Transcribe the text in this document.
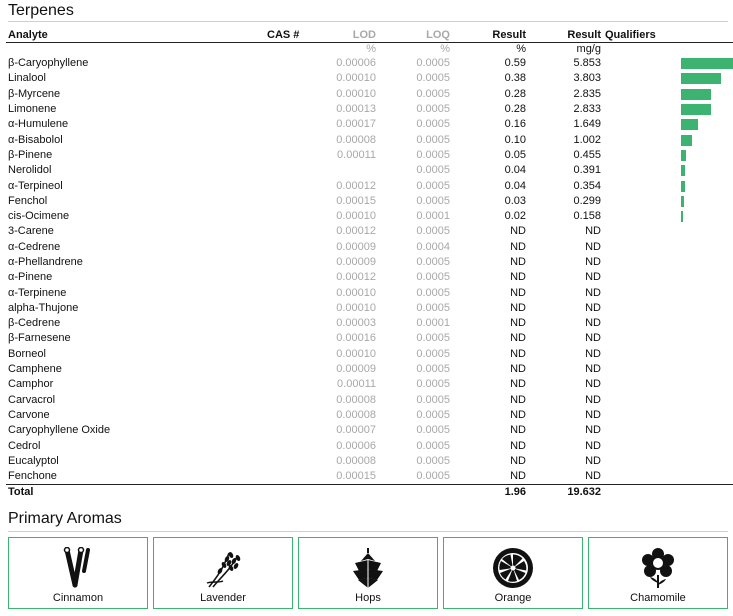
Terpenes
Analyte	CAS #	LOD	LOQ	Result	Result	Qualifiers	
		%	%	%	mg/g		
β-Caryophyllene		0.00006	0.0005	0.59	5.853		

Linalool		0.00010	0.0005	0.38	3.803		

β-Myrcene		0.00010	0.0005	0.28	2.835		

Limonene		0.00013	0.0005	0.28	2.833		

α-Humulene		0.00017	0.0005	0.16	1.649		

α-Bisabolol		0.00008	0.0005	0.10	1.002		

β-Pinene		0.00011	0.0005	0.05	0.455		

Nerolidol			0.0005	0.04	0.391		

α-Terpineol		0.00012	0.0005	0.04	0.354		

Fenchol		0.00015	0.0005	0.03	0.299		

cis-Ocimene		0.00010	0.0001	0.02	0.158		

3-Carene		0.00012	0.0005	ND	ND		
α-Cedrene		0.00009	0.0004	ND	ND		
α-Phellandrene		0.00009	0.0005	ND	ND		
α-Pinene		0.00012	0.0005	ND	ND		
α-Terpinene		0.00010	0.0005	ND	ND		
alpha-Thujone		0.00010	0.0005	ND	ND		
β-Cedrene		0.00003	0.0001	ND	ND		
β-Farnesene		0.00016	0.0005	ND	ND		
Borneol		0.00010	0.0005	ND	ND		
Camphene		0.00009	0.0005	ND	ND		
Camphor		0.00011	0.0005	ND	ND		
Carvacrol		0.00008	0.0005	ND	ND		
Carvone		0.00008	0.0005	ND	ND		
Caryophyllene Oxide		0.00007	0.0005	ND	ND		
Cedrol		0.00006	0.0005	ND	ND		
Eucalyptol		0.00008	0.0005	ND	ND		
Fenchone		0.00015	0.0005	ND	ND		
Total				1.96	19.632		
Primary Aromas
Cinnamon	Lavender	Hops	Orange	Chamomile
